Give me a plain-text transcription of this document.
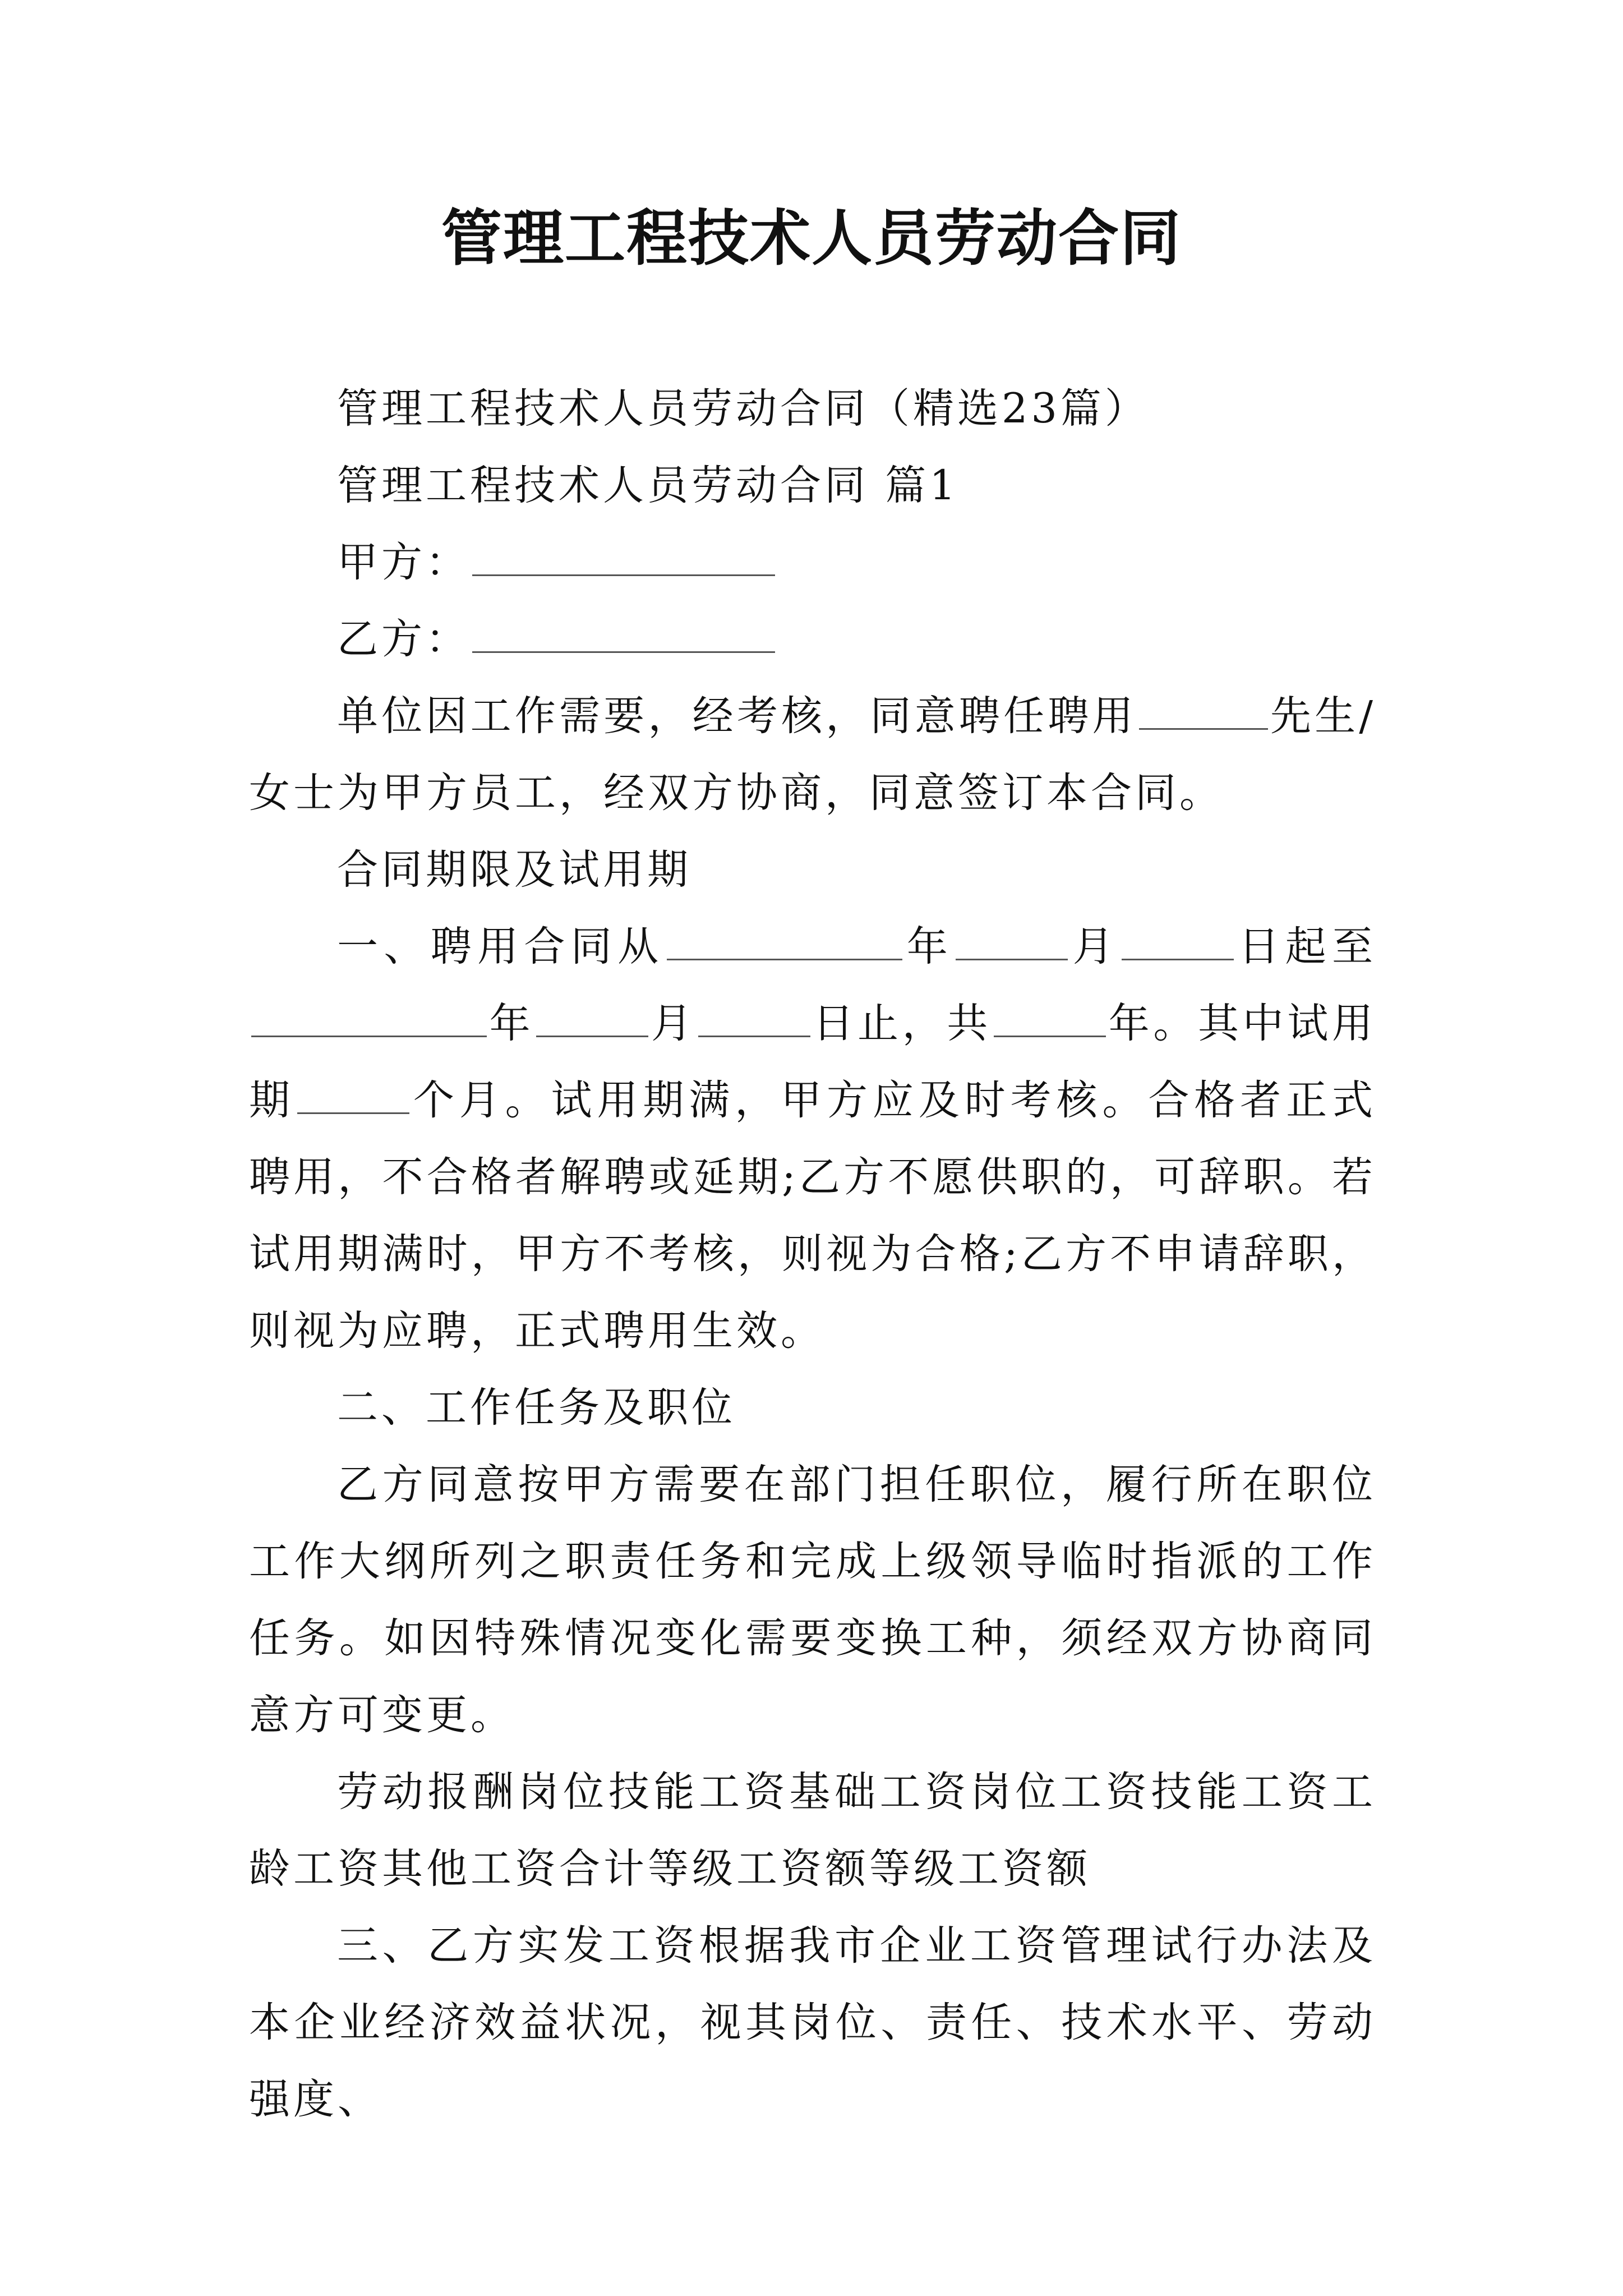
管理工程技术人员劳动合同

管理工程技术人员劳动合同（精选23篇）

管理工程技术人员劳动合同 篇1

甲方：

乙方：

单位因工作需要，经考核，同意聘任聘用	先生/女士为甲方员工，经双方协商，同意签订本合同。

合同期限及试用期

一、聘用合同从	年	月	日起至年	月	日止，共	年。其中试用期	个月。试用期满，甲方应及时考核。合格者正式聘用，不合格者解聘或延期;乙方不愿供职的，可辞职。若试用期满时，甲方不考核，则视为合格;乙方不申请辞职，则视为应聘，正式聘用生效。

二、工作任务及职位

乙方同意按甲方需要在部门担任职位，履行所在职位工作大纲所列之职责任务和完成上级领导临时指派的工作任务。如因特殊情况变化需要变换工种，须经双方协商同意方可变更。

劳动报酬岗位技能工资基础工资岗位工资技能工资工龄工资其他工资合计等级工资额等级工资额

三、乙方实发工资根据我市企业工资管理试行办法及本企业经济效益状况，视其岗位、责任、技术水平、劳动强度、
